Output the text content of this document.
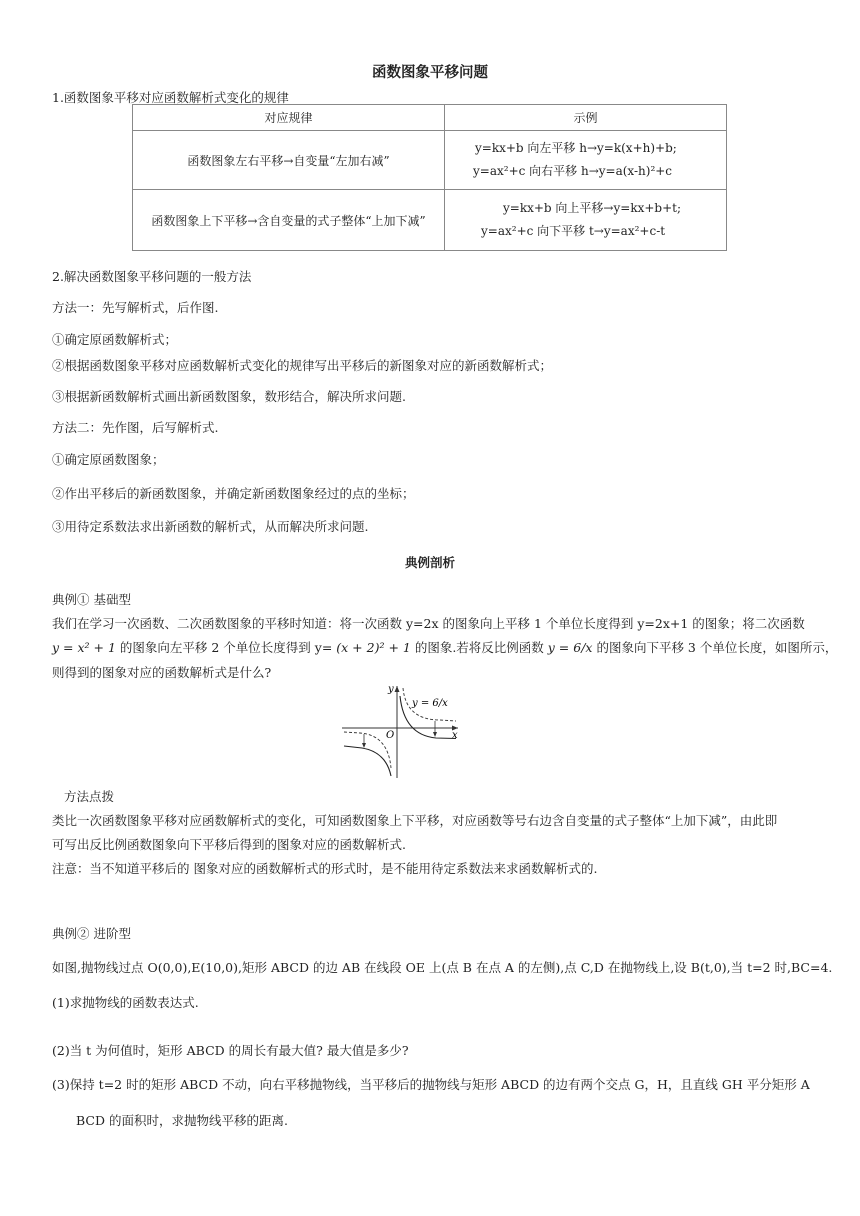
函数图象平移问题
1.函数图象平移对应函数解析式变化的规律
对应规律	示例
函数图象左右平移→自变量“左加右减”	y=kx+b 向左平移 h→y=k(x+h)+b;
y=ax²+c 向右平移 h→y=a(x-h)²+c

函数图象上下平移→含自变量的式子整体“上加下减”	y=kx+b 向上平移→y=kx+b+t;
y=ax²+c 向下平移 t→y=ax²+c-t
2.解决函数图象平移问题的一般方法
方法一：先写解析式，后作图.
①确定原函数解析式；
②根据函数图象平移对应函数解析式变化的规律写出平移后的新图象对应的新函数解析式；
③根据新函数解析式画出新函数图象，数形结合，解决所求问题.
方法二：先作图，后写解析式.
①确定原函数图象；
②作出平移后的新函数图象，并确定新函数图象经过的点的坐标；
③用待定系数法求出新函数的解析式，从而解决所求问题.
典例剖析
典例① 基础型
我们在学习一次函数、二次函数图象的平移时知道：将一次函数 y=2x 的图象向上平移 1 个单位长度得到 y=2x+1 的图象；将二次函数
y = x² + 1 的图象向左平移 2 个单位长度得到 y= (x + 2)² + 1 的图象.若将反比例函数 y = 6/x 的图象向下平移 3 个单位长度，如图所示，
则得到的图象对应的函数解析式是什么?
y
x
O
y = 6/x
方法点拨
类比一次函数图象平移对应函数解析式的变化，可知函数图象上下平移，对应函数等号右边含自变量的式子整体“上加下减”，由此即
可写出反比例函数图象向下平移后得到的图象对应的函数解析式.
注意：当不知道平移后的 图象对应的函数解析式的形式时，是不能用待定系数法来求函数解析式的.
典例② 进阶型
如图,抛物线过点 O(0,0),E(10,0),矩形 ABCD 的边 AB 在线段 OE 上(点 B 在点 A 的左侧),点 C,D 在抛物线上,设 B(t,0),当 t=2 时,BC=4.
(1)求抛物线的函数表达式.
(2)当 t 为何值时，矩形 ABCD 的周长有最大值? 最大值是多少?
(3)保持 t=2 时的矩形 ABCD 不动，向右平移抛物线，当平移后的抛物线与矩形 ABCD 的边有两个交点 G，H，且直线 GH 平分矩形 A
BCD 的面积时，求抛物线平移的距离.
